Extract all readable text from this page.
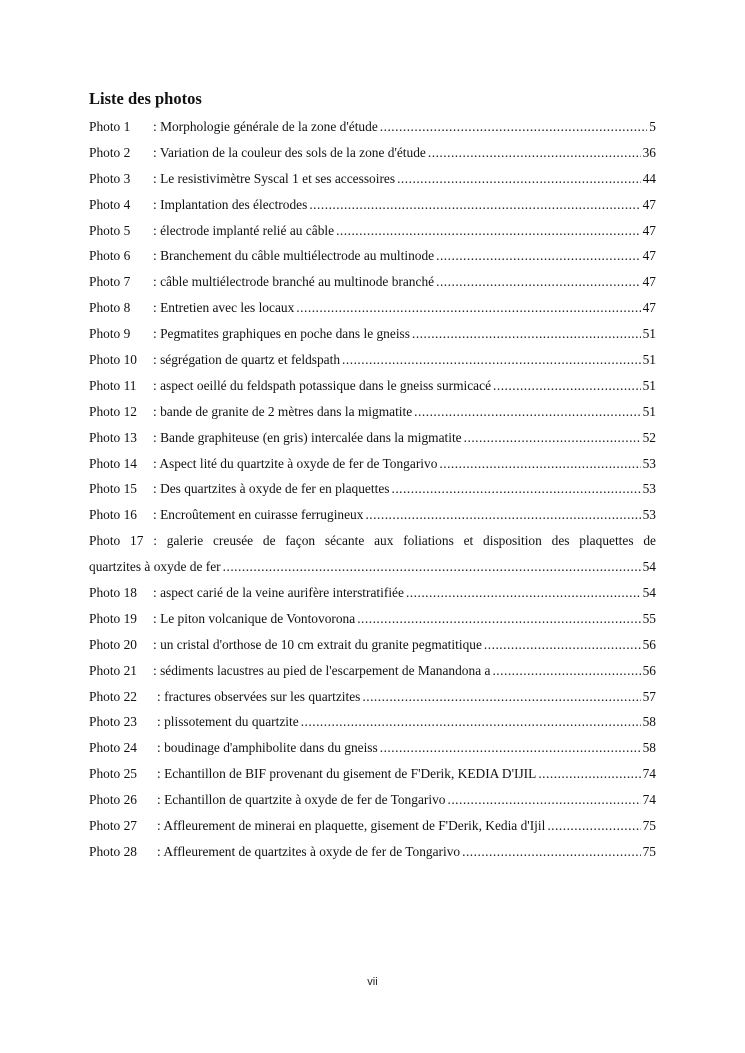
Liste des photos
Photo 1	: Morphologie générale de la zone d'étude .....	5
Photo 2	: Variation de la couleur des sols de la zone d'étude .....	36
Photo 3	: Le resistivimètre Syscal 1 et ses accessoires .....	44
Photo 4	: Implantation des électrodes .....	47
Photo 5	: électrode implanté relié au câble .....	47
Photo 6	: Branchement du câble multiélectrode au multinode .....	47
Photo 7	: câble multiélectrode branché au multinode branché .....	47
Photo 8	: Entretien avec les locaux .....	47
Photo 9	: Pegmatites graphiques en poche dans le gneiss .....	51
Photo 10	: ségrégation de quartz et feldspath .....	51
Photo 11	: aspect oeillé du feldspath potassique dans le gneiss surmicacé .....	51
Photo 12	: bande de granite de 2 mètres dans la migmatite .....	51
Photo 13	: Bande graphiteuse (en gris) intercalée dans la migmatite .....	52
Photo 14	: Aspect lité du quartzite à oxyde de fer de Tongarivo .....	53
Photo 15	: Des quartzites à oxyde de fer en plaquettes .....	53
Photo 16	: Encroûtement en cuirasse ferrugineux .....	53
Photo 17 : galerie creusée de façon sécante aux foliations et disposition des plaquettes de
quartzites à oxyde de fer .....	54
Photo 18	: aspect carié de la veine aurifère interstratifiée .....	54
Photo 19	: Le piton volcanique de Vontovorona .....	55
Photo 20	: un cristal d'orthose de 10 cm extrait du granite pegmatitique .....	56
Photo 21	: sédiments lacustres au pied de l'escarpement de Manandona a .....	56
Photo 22	: fractures observées sur les quartzites .....	57
Photo 23	: plissotement du quartzite .....	58
Photo 24	: boudinage d'amphibolite dans du gneiss .....	58
Photo 25	: Echantillon de BIF provenant du gisement de F'Derik, KEDIA D'IJIL .....	74
Photo 26	: Echantillon de quartzite à oxyde de fer de Tongarivo .....	74
Photo 27	: Affleurement de minerai en plaquette, gisement de F'Derik, Kedia d'Ijil .....	75
Photo 28	: Affleurement de quartzites à oxyde de fer de Tongarivo .....	75
vii
